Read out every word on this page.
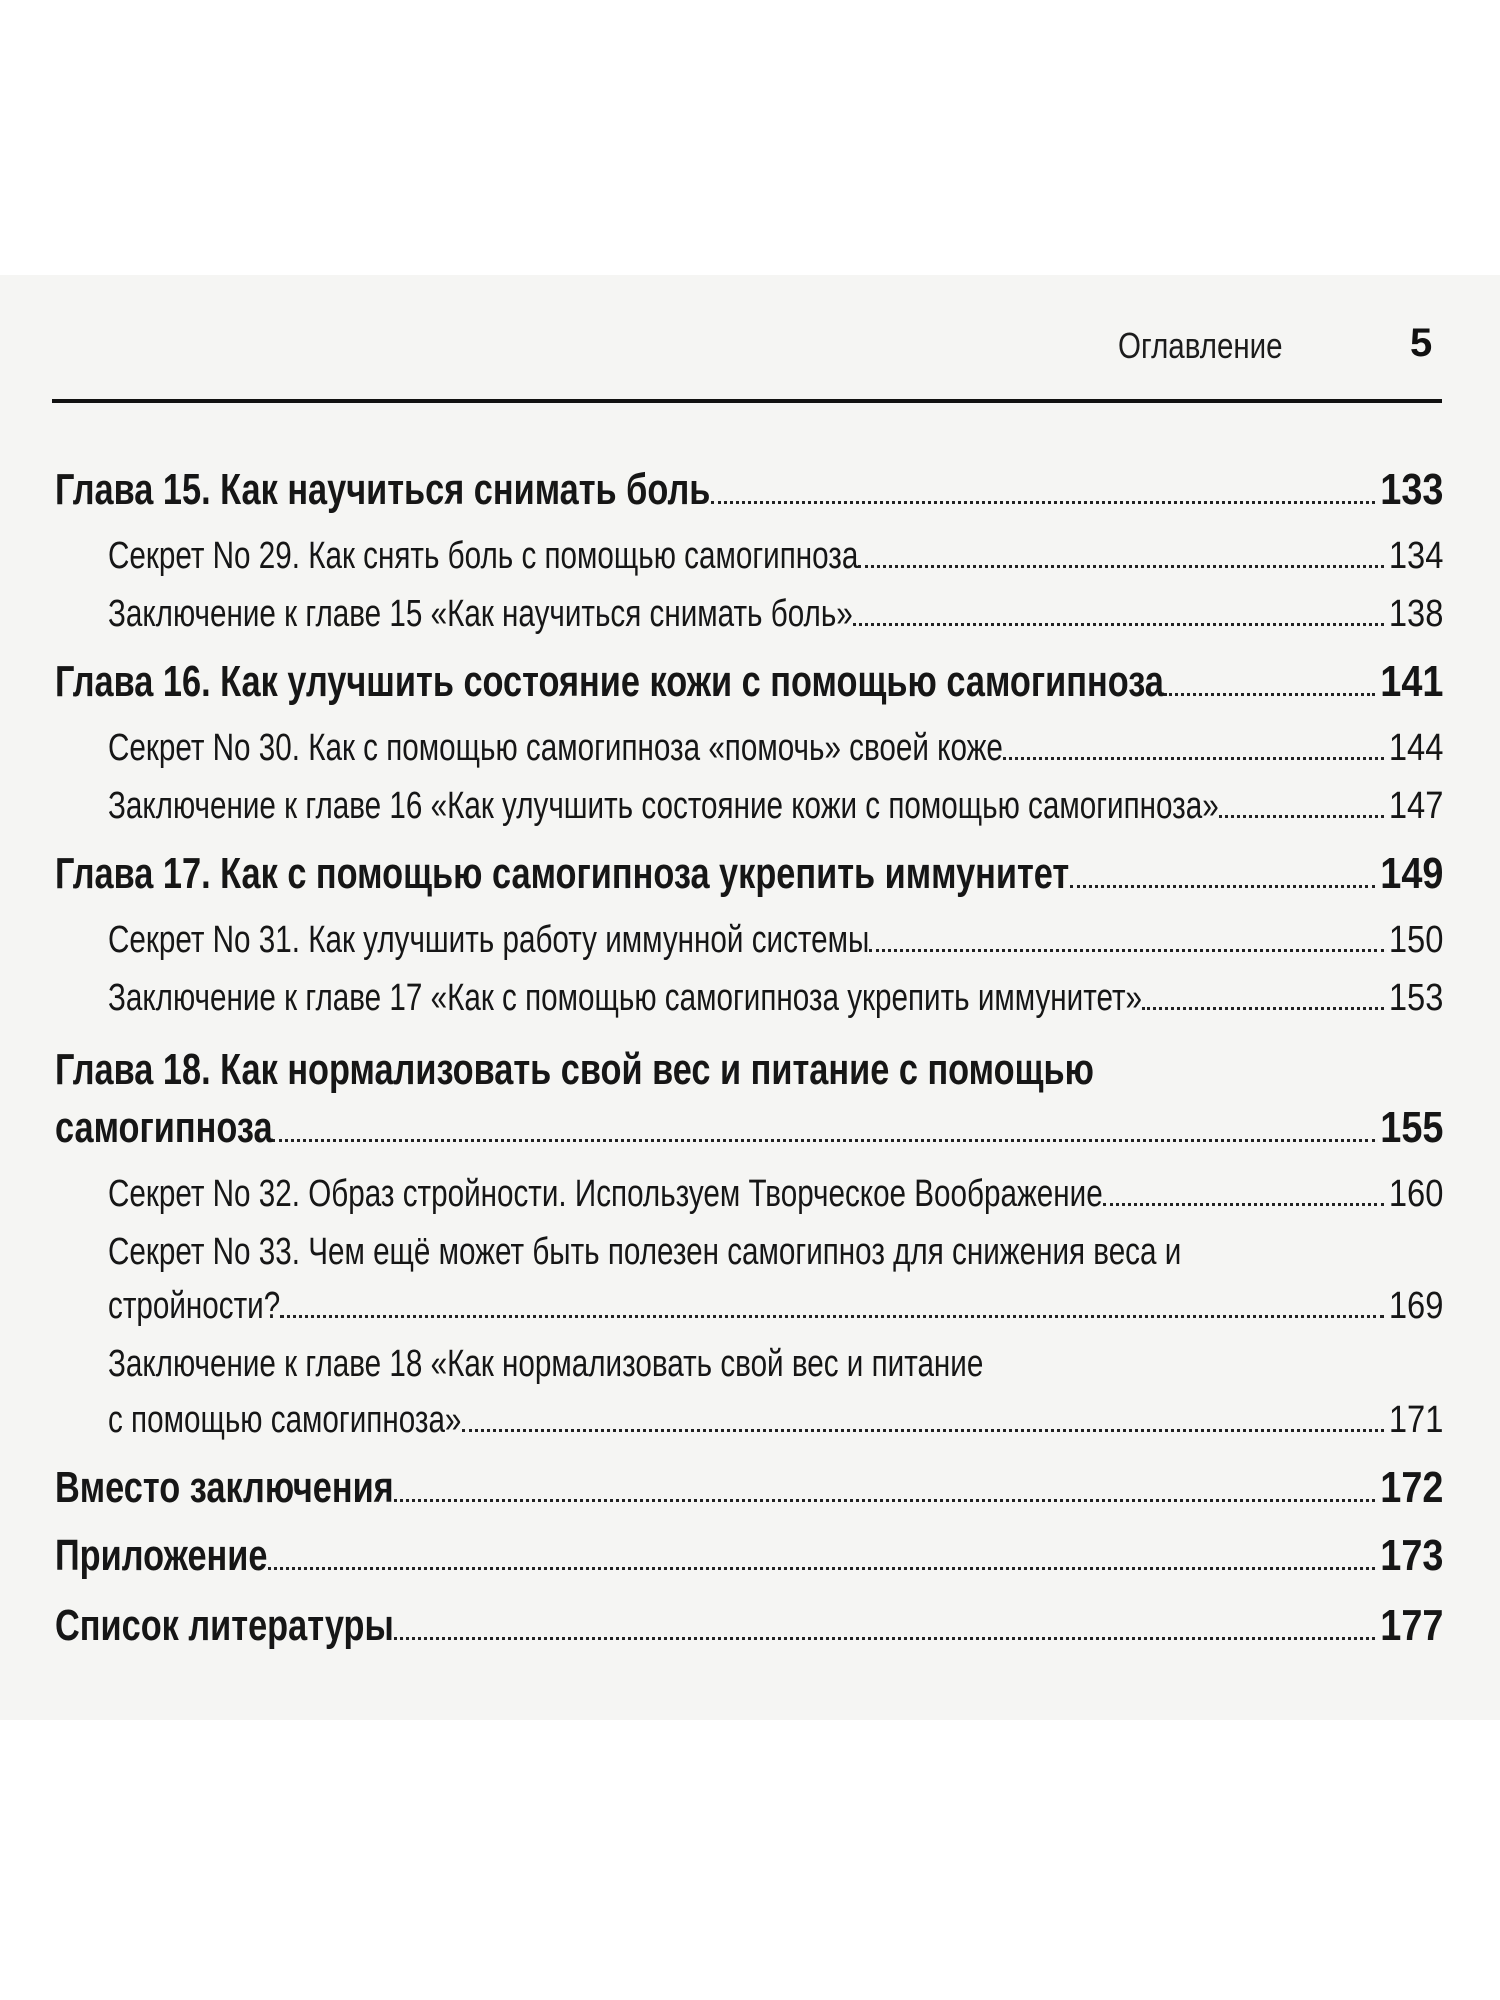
Оглавление	5
Глава 15. Как научиться снимать боль	133
Секрет No 29. Как снять боль с помощью самогипноза	134
Заключение к главе 15 «Как научиться снимать боль»	138
Глава 16. Как улучшить состояние кожи с помощью самогипноза	141
Секрет No 30. Как с помощью самогипноза «помочь» своей коже	144
Заключение к главе 16 «Как улучшить состояние кожи с помощью самогипноза»	147
Глава 17. Как с помощью самогипноза укрепить иммунитет	149
Секрет No 31. Как улучшить работу иммунной системы	150
Заключение к главе 17 «Как с помощью самогипноза укрепить иммунитет»	153
Глава 18. Как нормализовать свой вес и питание с помощью
самогипноза	155
Секрет No 32. Образ стройности. Используем Творческое Воображение	160
Секрет No 33. Чем ещё может быть полезен самогипноз для снижения веса и
стройности?	169
Заключение к главе 18 «Как нормализовать свой вес и питание
с помощью самогипноза»	171
Вместо заключения	172
Приложение	173
Список литературы	177
